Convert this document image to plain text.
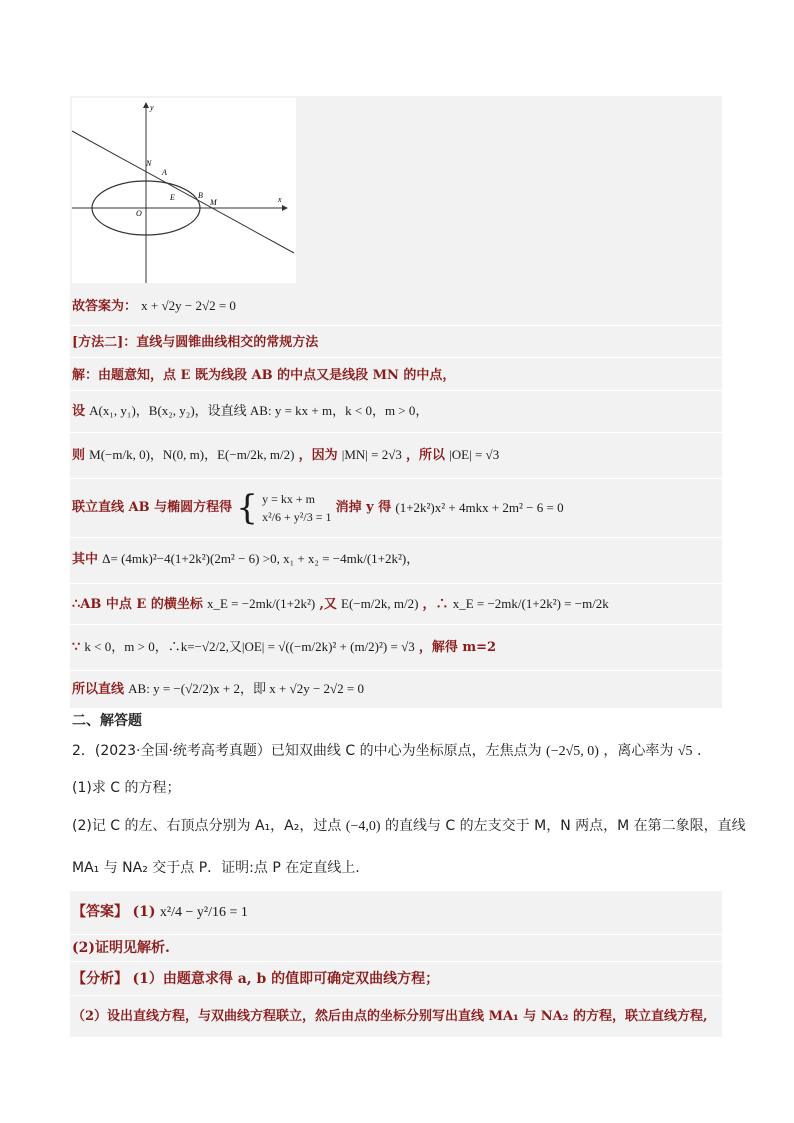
y
x
N
A
E	B
M
O
故答案为： x + √2y − 2√2 = 0
[方法二]：直线与圆锥曲线相交的常规方法
解：由题意知，点 E 既为线段 AB 的中点又是线段 MN 的中点，
设 A(x₁, y₁)，B(x₂, y₂)，设直线 AB: y = kx + m，k < 0，m > 0，
则 M(−m/k, 0)，N(0, m)，E(−m/2k, m/2) ，因为 |MN| = 2√3 ，所以 |OE| = √3
联立直线 AB 与椭圆方程得 { y = kx + m
x²/6 + y²/3 = 1
消掉 y 得 (1+2k²)x² + 4mkx + 2m² − 6 = 0
其中 Δ= (4mk)²−4(1+2k²)(2m² − 6) >0, x₁ + x₂ = −4mk/(1+2k²)，
∴AB 中点 E 的横坐标 x_E = −2mk/(1+2k²) ,又 E(−m/2k, m/2) ，∴ x_E = −2mk/(1+2k²) = −m/2k
∵ k < 0，m > 0，∴k=−√2/2,又|OE| = √((−m/2k)² + (m/2)²) = √3 ，解得 m=2
所以直线 AB: y = −(√2/2)x + 2，即 x + √2y − 2√2 = 0
二、解答题
2．(2023·全国·统考高考真题）已知双曲线 C 的中心为坐标原点，左焦点为 (−2√5, 0) ，离心率为 √5 .
(1)求 C 的方程；
(2)记 C 的左、右顶点分别为 A₁，A₂，过点 (−4,0) 的直线与 C 的左支交于 M，N 两点，M 在第二象限，直线
MA₁ 与 NA₂ 交于点 P．证明:点 P 在定直线上.
【答案】 (1) x²/4 − y²/16 = 1
(2)证明见解析.
【分析】 (1）由题意求得 a, b 的值即可确定双曲线方程；
（2）设出直线方程，与双曲线方程联立，然后由点的坐标分别写出直线 MA₁ 与 NA₂ 的方程，联立直线方程,
